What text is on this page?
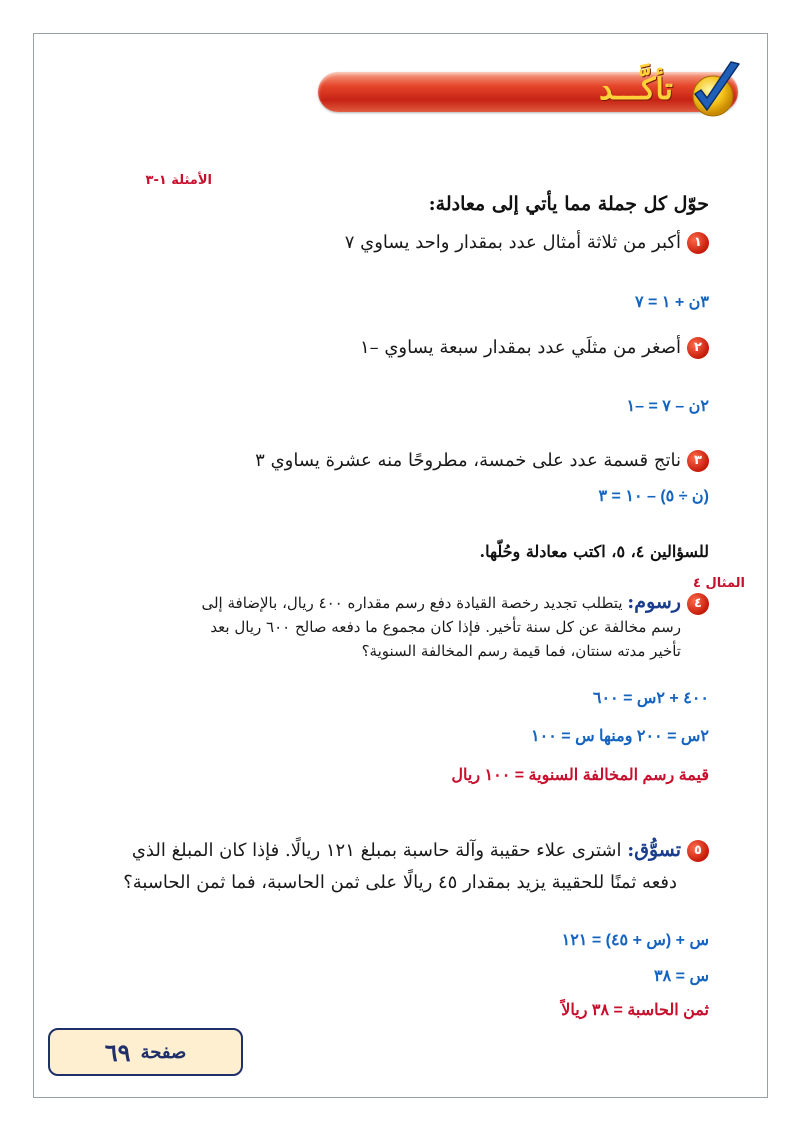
تأكَّـــد
الأمثلة ١-٣
حوّل كل جملة مما يأتي إلى معادلة:
١أكبر من ثلاثة أمثال عدد بمقدار واحد يساوي ٧
٣ن + ١ = ٧
٢أصغر من مثلَي عدد بمقدار سبعة يساوي –١
٢ن – ٧ = –١
٣ناتج قسمة عدد على خمسة، مطروحًا منه عشرة يساوي ٣
(ن ÷ ٥) – ١٠ = ٣
للسؤالين ٤، ٥، اكتب معادلة وحُلّها.
المثال ٤
٤رسوم: يتطلب تجديد رخصة القيادة دفع رسم مقداره ٤٠٠ ريال، بالإضافة إلى
رسم مخالفة عن كل سنة تأخير. فإذا كان مجموع ما دفعه صالح ٦٠٠ ريال بعد
تأخير مدته سنتان، فما قيمة رسم المخالفة السنوية؟
٤٠٠ + ٢س = ٦٠٠
٢س = ٢٠٠ ومنها س = ١٠٠
قيمة رسم المخالفة السنوية = ١٠٠ ريال
٥تسوُّق: اشترى علاء حقيبة وآلة حاسبة بمبلغ ١٢١ ريالًا. فإذا كان المبلغ الذي
دفعه ثمنًا للحقيبة يزيد بمقدار ٤٥ ريالًا على ثمن الحاسبة، فما ثمن الحاسبة؟
س + (س + ٤٥) = ١٢١
س = ٣٨
ثمن الحاسبة = ٣٨ ريالاً
صفحة
٦٩
